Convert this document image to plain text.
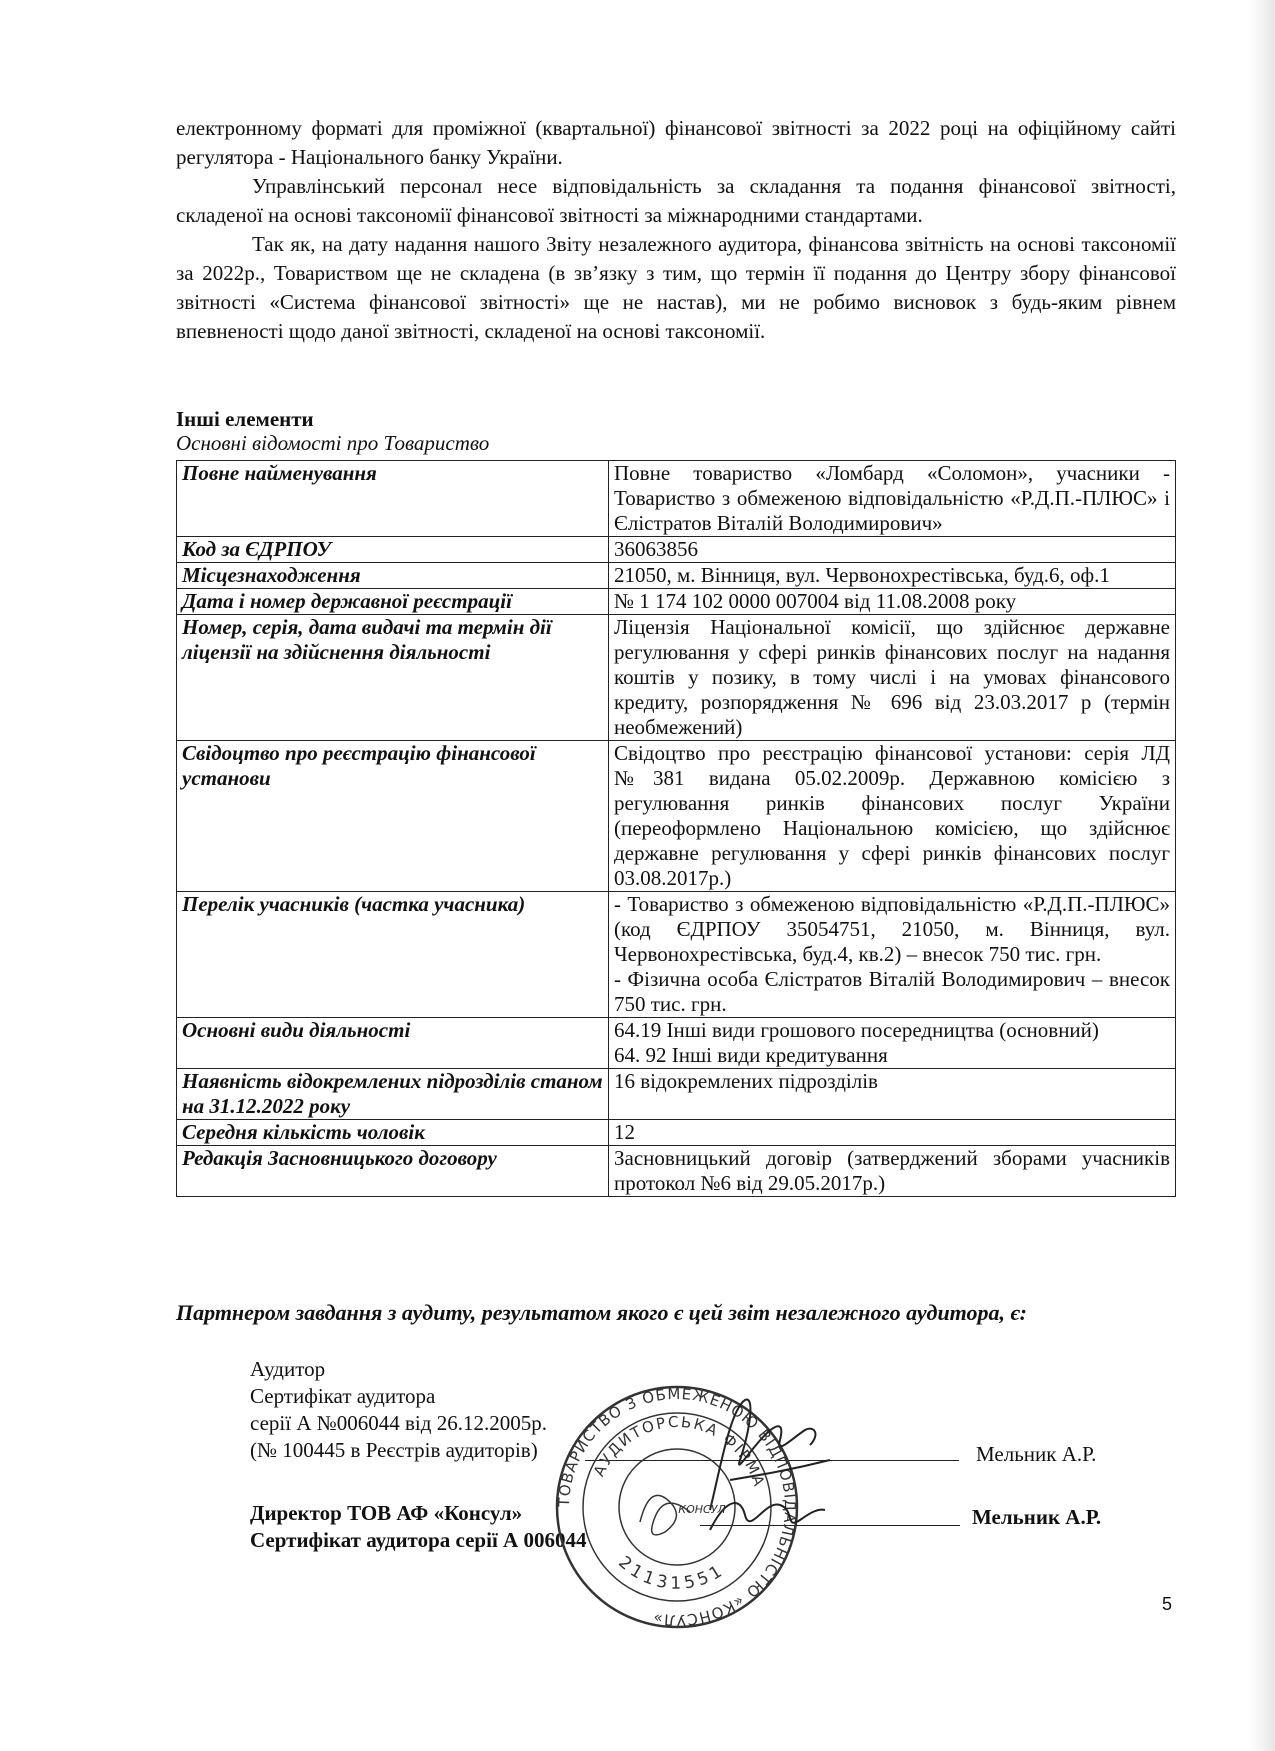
електронному форматі для проміжної (квартальної) фінансової звітності за 2022 році на офіційному сайті регулятора - Національного банку України.

Управлінський персонал несе відповідальність за складання та подання фінансової звітності, складеної на основі таксономії фінансової звітності за міжнародними стандартами.

Так як, на дату надання нашого Звіту незалежного аудитора, фінансова звітність на основі таксономії за 2022р., Товариством ще не складена (в зв’язку з тим, що термін її подання до Центру збору фінансової звітності «Система фінансової звітності» ще не настав), ми не робимо висновок з будь-яким рівнем впевненості щодо даної звітності, складеної на основі таксономії.

Інші елементи

Основні відомості про Товариство

Повне найменування	Повне товариство «Ломбард «Соломон», учасники - Товариство з обмеженою відповідальністю «Р.Д.П.-ПЛЮС» і Єлістратов Віталій Володимирович»
Код за ЄДРПОУ	36063856
Місцезнаходження	21050, м. Вінниця, вул. Червонохрестівська, буд.6, оф.1
Дата і номер державної реєстрації	№ 1 174 102 0000 007004 від 11.08.2008 року
Номер, серія, дата видачі та термін дії ліцензії на здійснення діяльності	Ліцензія Національної комісії, що здійснює державне регулювання у сфері ринків фінансових послуг на надання коштів у позику, в тому числі і на умовах фінансового кредиту, розпорядження № 696 від 23.03.2017 р (термін необмежений)
Свідоцтво про реєстрацію фінансової установи	Свідоцтво про реєстрацію фінансової установи: серія ЛД №381 видана 05.02.2009р. Державною комісією з регулювання ринків фінансових послуг України (переоформлено Національною комісією, що здійснює державне регулювання у сфері ринків фінансових послуг 03.08.2017р.)
Перелік учасників (частка учасника)	- Товариство з обмеженою відповідальністю «Р.Д.П.-ПЛЮС» (код ЄДРПОУ 35054751, 21050, м. Вінниця, вул. Червонохрестівська, буд.4, кв.2) – внесок 750 тис. грн.
- Фізична особа Єлістратов Віталій Володимирович – внесок 750 тис. грн.
Основні види діяльності	64.19 Інші види грошового посередництва (основний)
64. 92 Інші види кредитування
Наявність відокремлених підрозділів станом на 31.12.2022 року	16 відокремлених підрозділів
Середня кількість чоловік	12
Редакція Засновницького договору	Засновницький договір (затверджений зборами учасників протокол №6 від 29.05.2017р.)

Партнером завдання з аудиту, результатом якого є цей звіт незалежного аудитора, є:

Аудитор
Сертифікат аудитора
серії А №006044 від 26.12.2005р.
(№ 100445 в Реєстрів аудиторів)	Мельник А.Р.

Директор ТОВ АФ «Консул»
Сертифікат аудитора серії А 006044

Мельник А.Р.

ТОВАРИСТВО З ОБМЕЖЕНОЮ ВІДПОВІДАЛЬНІСТЮ «КОНСУЛ»
АУДИТОРСЬКА ФІРМА
21131551
КОНСУЛ

5
